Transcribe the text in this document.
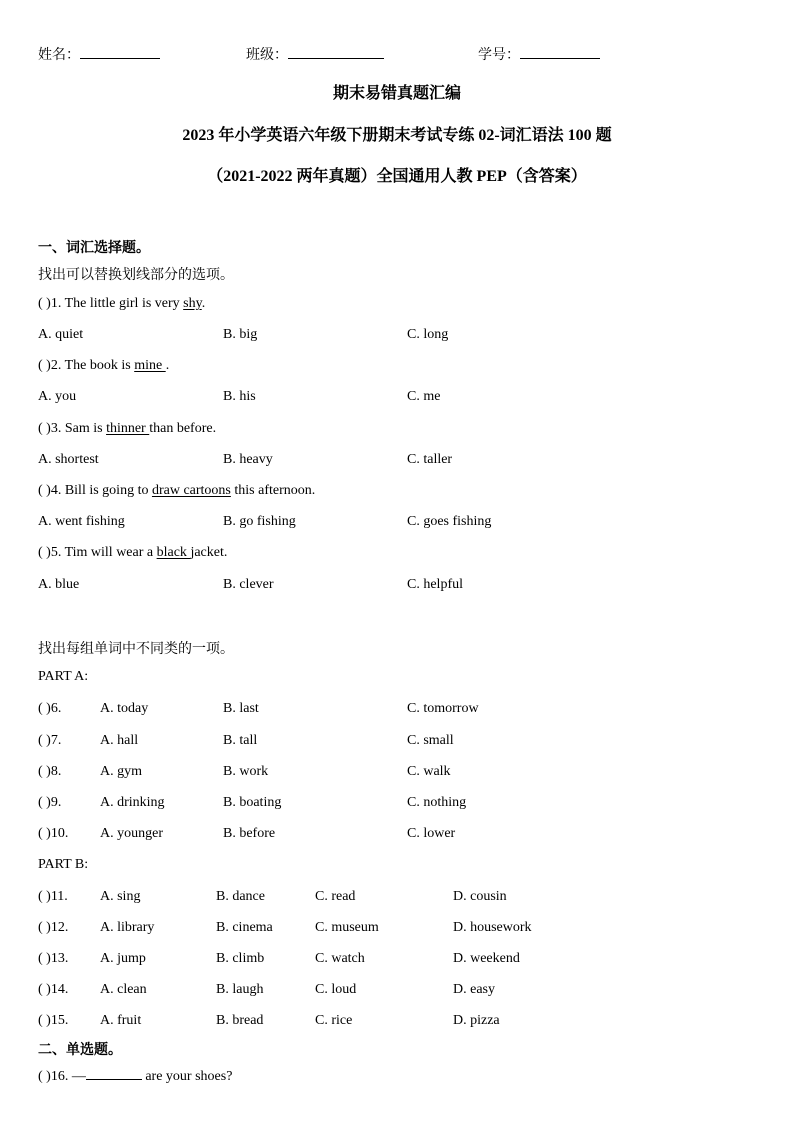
姓名：	班级：	学号：
期末易错真题汇编
2023 年小学英语六年级下册期末考试专练 02-词汇语法 100 题
（2021-2022 两年真题）全国通用人教 PEP（含答案）
一、词汇选择题。
找出可以替换划线部分的选项。
( )1. The little girl is very shy.
A. quiet	B. big	C. long
( )2. The book is mine .
A. you	B. his	C. me
( )3. Sam is thinner than before.
A. shortest	B. heavy	C. taller
( )4. Bill is going to draw cartoons this afternoon.
A. went fishing	B. go fishing	C. goes fishing
( )5. Tim will wear a black jacket.
A. blue	B. clever	C. helpful
找出每组单词中不同类的一项。
PART A:
( )6.	A. today	B. last	C. tomorrow
( )7.	A. hall	B. tall	C. small
( )8.	A. gym	B. work	C. walk
( )9.	A. drinking	B. boating	C. nothing
( )10. A. younger	B. before	C. lower
PART B:
( )11. A. sing	B. dance	C. read	D. cousin
( )12. A. library	B. cinema	C. museum	D. housework
( )13. A. jump	B. climb	C. watch	D. weekend
( )14. A. clean	B. laugh	C. loud	D. easy
( )15. A. fruit	B. bread	C. rice	D. pizza
二、单选题。
( )16. —	are your shoes?
